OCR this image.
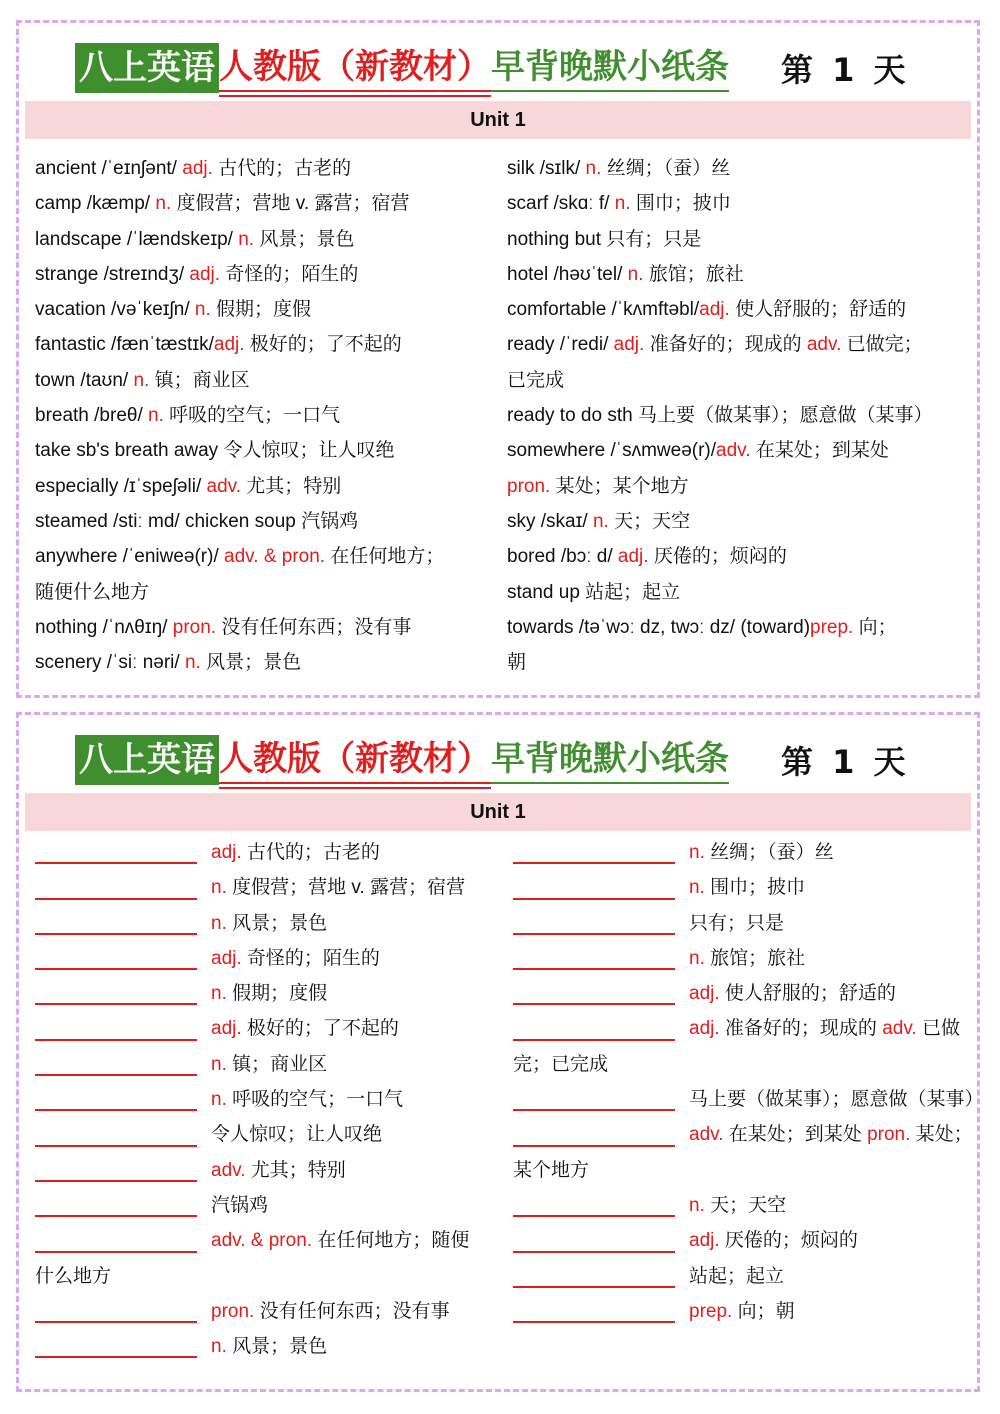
八上英语 人教版（新教材） 早背晚默小纸条 第 1 天
Unit 1
ancient /ˈeɪnʃənt/ adj. 古代的；古老的
camp /kæmp/ n. 度假营；营地 v. 露营；宿营
landscape /ˈlændskeɪp/ n. 风景；景色
strange /streɪndʒ/ adj. 奇怪的；陌生的
vacation /vəˈkeɪʃn/ n. 假期；度假
fantastic /fænˈtæstɪk/adj. 极好的；了不起的
town /taʊn/ n. 镇；商业区
breath /breθ/ n. 呼吸的空气；一口气
take sb's breath away 令人惊叹；让人叹绝
especially /ɪˈspeʃəli/ adv. 尤其；特别
steamed /stiː md/ chicken soup 汽锅鸡
anywhere /ˈeniweə(r)/ adv. & pron. 在任何地方；
随便什么地方
nothing /ˈnʌθɪŋ/ pron. 没有任何东西；没有事
scenery /ˈsiː nəri/ n. 风景；景色
silk /sɪlk/ n. 丝绸；（蚕）丝
scarf /skɑː f/ n. 围巾；披巾
nothing but 只有；只是
hotel /həʊˈtel/ n. 旅馆；旅社
comfortable /ˈkʌmftəbl/adj. 使人舒服的；舒适的
ready /ˈredi/ adj. 准备好的；现成的 adv. 已做完；
已完成
ready to do sth 马上要（做某事）；愿意做（某事）
somewhere /ˈsʌmweə(r)/adv. 在某处；到某处
pron. 某处；某个地方
sky /skaɪ/ n. 天；天空
bored /bɔː d/ adj. 厌倦的；烦闷的
stand up 站起；起立
towards /təˈwɔː dz, twɔː dz/ (toward)prep. 向；
朝
八上英语 人教版（新教材） 早背晚默小纸条 第 1 天
Unit 1
adj. 古代的；古老的
n. 度假营；营地 v. 露营；宿营
n. 风景；景色
adj. 奇怪的；陌生的
n. 假期；度假
adj. 极好的；了不起的
n. 镇；商业区
n. 呼吸的空气；一口气
令人惊叹；让人叹绝
adv. 尤其；特别
汽锅鸡
adv. & pron. 在任何地方；随便
什么地方
pron. 没有任何东西；没有事
n. 风景；景色
n. 丝绸；（蚕）丝
n. 围巾；披巾
只有；只是
n. 旅馆；旅社
adj. 使人舒服的；舒适的
adj. 准备好的；现成的 adv. 已做
完；已完成
马上要（做某事）；愿意做（某事）
adv. 在某处；到某处 pron. 某处；
某个地方
n. 天；天空
adj. 厌倦的；烦闷的
站起；起立
prep. 向；朝
